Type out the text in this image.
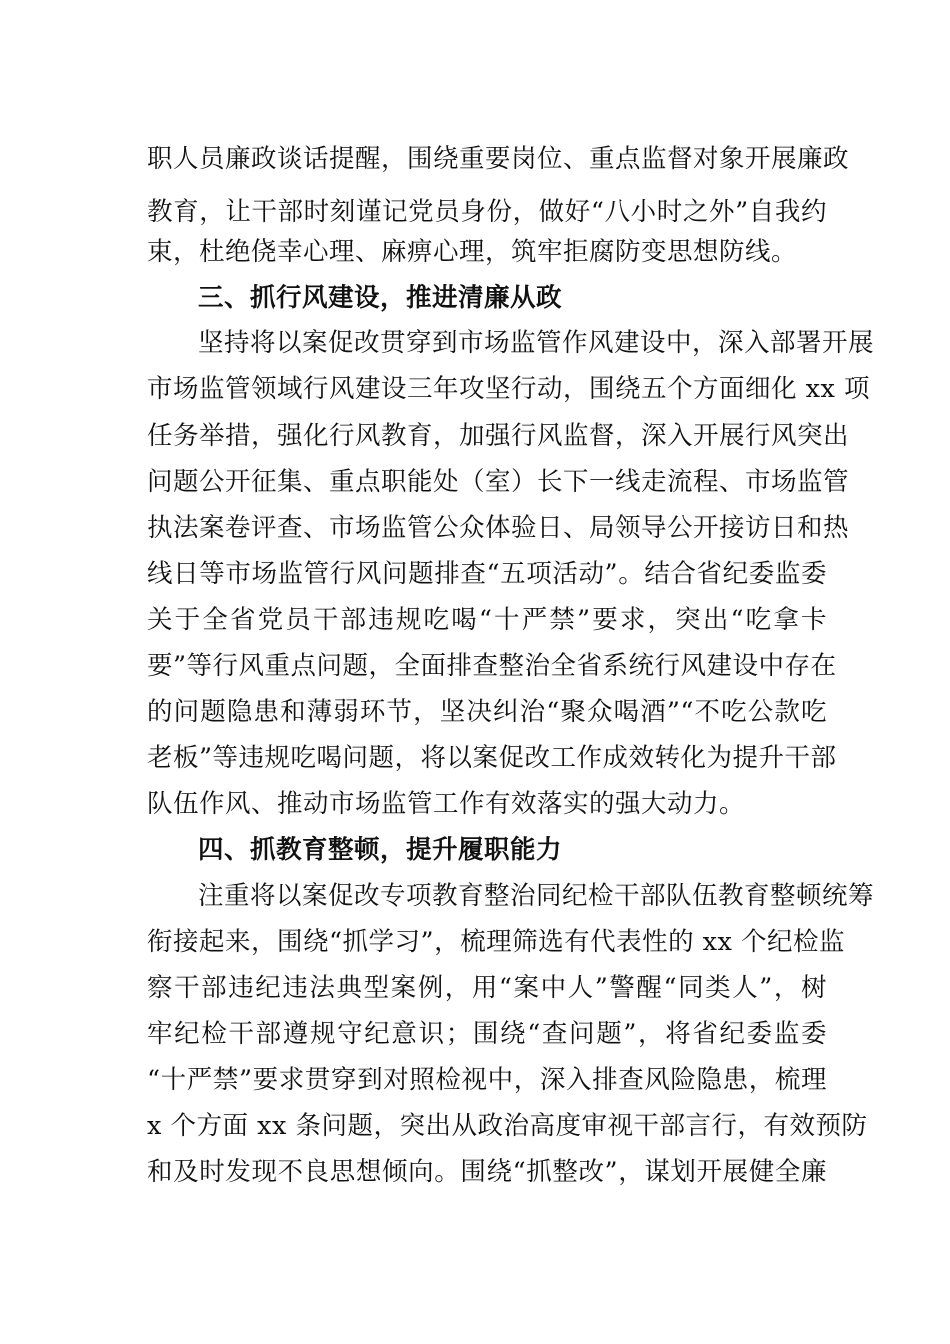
职人员廉政谈话提醒，围绕重要岗位、重点监督对象开展廉政
教育，让干部时刻谨记党员身份，做好“八小时之外”自我约
束，杜绝侥幸心理、麻痹心理，筑牢拒腐防变思想防线。
三、抓行风建设，推进清廉从政
坚持将以案促改贯穿到市场监管作风建设中，深入部署开展
市场监管领域行风建设三年攻坚行动，围绕五个方面细化 xx 项
任务举措，强化行风教育，加强行风监督，深入开展行风突出
问题公开征集、重点职能处（室）长下一线走流程、市场监管
执法案卷评查、市场监管公众体验日、局领导公开接访日和热
线日等市场监管行风问题排查“五项活动”。结合省纪委监委
关于全省党员干部违规吃喝“十严禁”要求，突出“吃拿卡
要”等行风重点问题，全面排查整治全省系统行风建设中存在
的问题隐患和薄弱环节，坚决纠治“聚众喝酒”“不吃公款吃
老板”等违规吃喝问题，将以案促改工作成效转化为提升干部
队伍作风、推动市场监管工作有效落实的强大动力。
四、抓教育整顿，提升履职能力
注重将以案促改专项教育整治同纪检干部队伍教育整顿统筹
衔接起来，围绕“抓学习”，梳理筛选有代表性的 xx 个纪检监
察干部违纪违法典型案例，用“案中人”警醒“同类人”，树
牢纪检干部遵规守纪意识；围绕“查问题”，将省纪委监委
“十严禁”要求贯穿到对照检视中，深入排查风险隐患，梳理
x 个方面 xx 条问题，突出从政治高度审视干部言行，有效预防
和及时发现不良思想倾向。围绕“抓整改”，谋划开展健全廉
